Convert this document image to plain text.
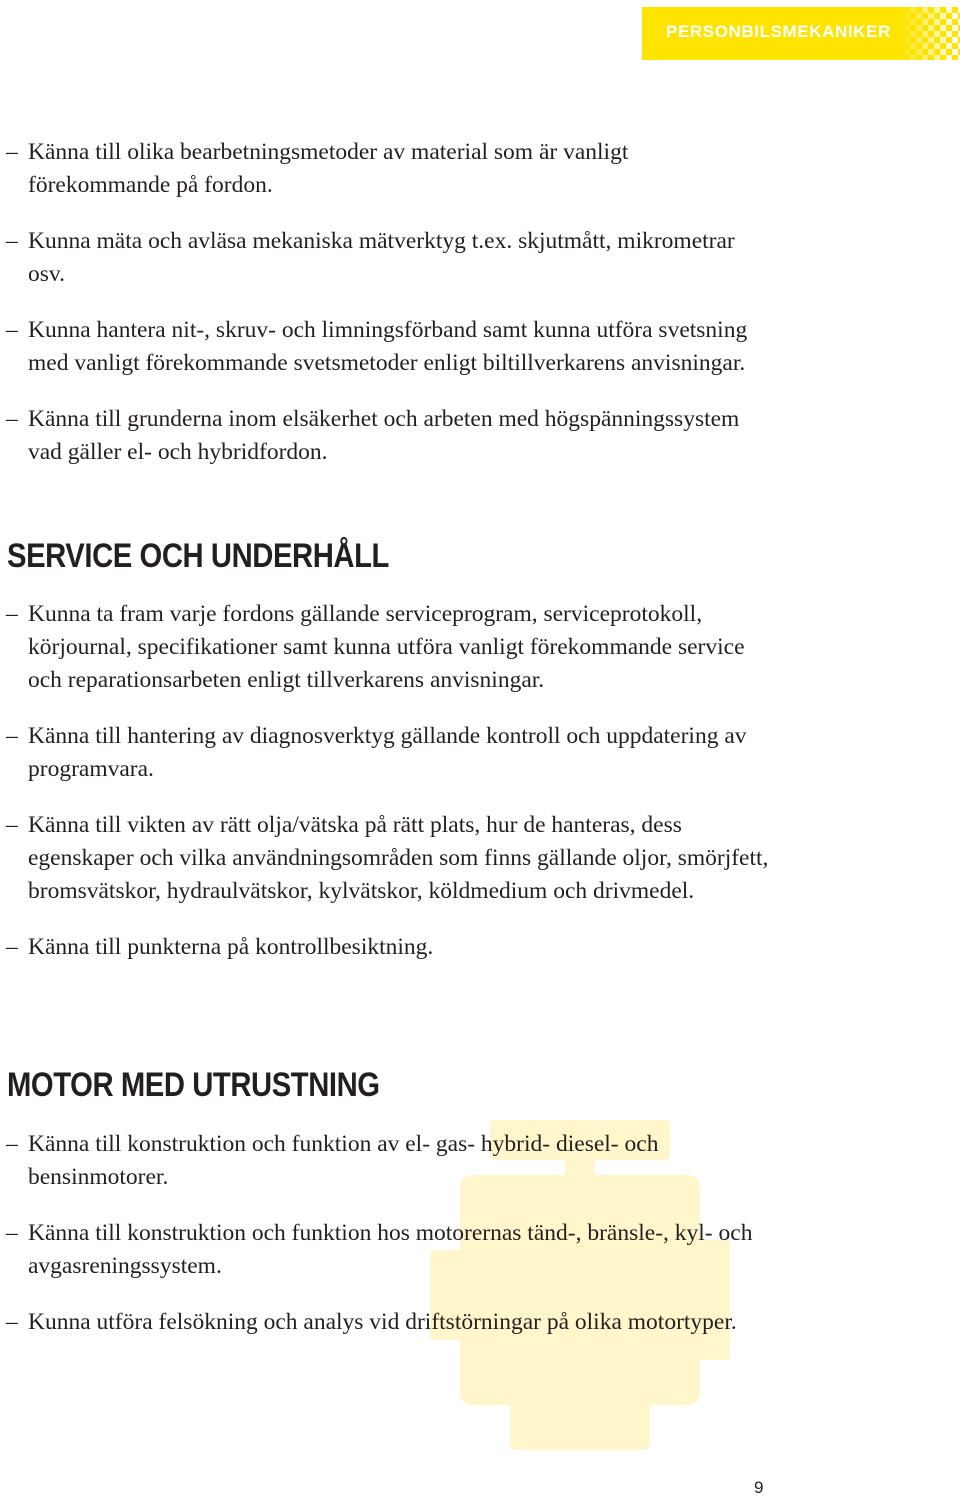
PERSONBILSMEKANIKER
– Känna till olika bearbetningsmetoder av material som är vanligt förekommande på fordon.
– Kunna mäta och avläsa mekaniska mätverktyg t.ex. skjutmått, mikrometrar osv.
– Kunna hantera nit-, skruv- och limningsförband samt kunna utföra svetsning med vanligt förekommande svetsmetoder enligt biltillverkarens anvisningar.
– Känna till grunderna inom elsäkerhet och arbeten med högspänningssystem vad gäller el- och hybridfordon.
SERVICE OCH UNDERHÅLL
– Kunna ta fram varje fordons gällande serviceprogram, serviceprotokoll, körjournal, specifikationer samt kunna utföra vanligt förekommande service och reparationsarbeten enligt tillverkarens anvisningar.
– Känna till hantering av diagnosverktyg gällande kontroll och uppdatering av programvara.
– Känna till vikten av rätt olja/vätska på rätt plats, hur de hanteras, dess egenskaper och vilka användningsområden som finns gällande oljor, smörjfett, bromsvätskor, hydraulvätskor, kylvätskor, köldmedium och drivmedel.
– Känna till punkterna på kontrollbesiktning.
MOTOR MED UTRUSTNING
– Känna till konstruktion och funktion av el- gas- hybrid- diesel- och bensinmotorer.
– Känna till konstruktion och funktion hos motorernas tänd-, bränsle-, kyl- och avgasreningssystem.
– Kunna utföra felsökning och analys vid driftstörningar på olika motortyper.
9
